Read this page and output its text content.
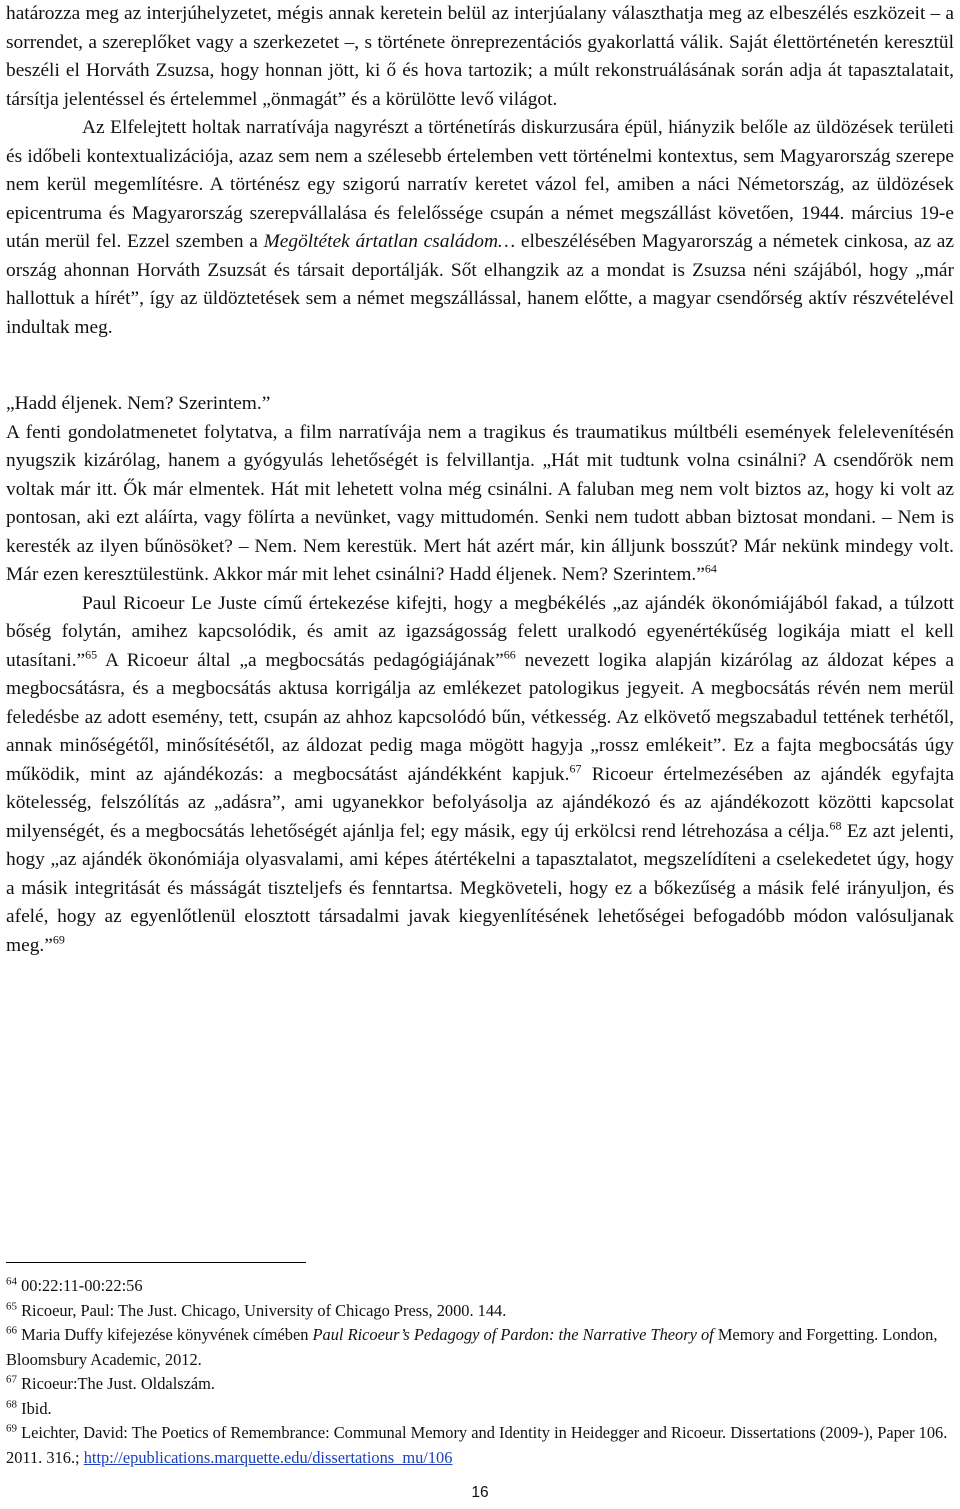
határozza meg az interjúhelyzetet, mégis annak keretein belül az interjúalany választhatja meg az elbeszélés eszközeit – a sorrendet, a szereplőket vagy a szerkezetet –, s története önreprezentációs gyakorlattá válik. Saját élettörténetén keresztül beszéli el Horváth Zsuzsa, hogy honnan jött, ki ő és hova tartozik; a múlt rekonstruálásának során adja át tapasztalatait, társítja jelentéssel és értelemmel „önmagát” és a körülötte levő világot.

Az Elfelejtett holtak narratívája nagyrészt a történetírás diskurzusára épül, hiányzik belőle az üldözések területi és időbeli kontextualizációja, azaz sem nem a szélesebb értelemben vett történelmi kontextus, sem Magyarország szerepe nem kerül megemlítésre. A történész egy szigorú narratív keretet vázol fel, amiben a náci Németország, az üldözések epicentruma és Magyarország szerepvállalása és felelőssége csupán a német megszállást követően, 1944. március 19-e után merül fel. Ezzel szemben a Megöltétek ártatlan családom… elbeszélésében Magyarország a németek cinkosa, az az ország ahonnan Horváth Zsuzsát és társait deportálják. Sőt elhangzik az a mondat is Zsuzsa néni szájából, hogy „már hallottuk a hírét”, így az üldöztetések sem a német megszállással, hanem előtte, a magyar csendőrség aktív részvételével indultak meg.

„Hadd éljenek. Nem? Szerintem.”

A fenti gondolatmenetet folytatva, a film narratívája nem a tragikus és traumatikus múltbéli események felelevenítésén nyugszik kizárólag, hanem a gyógyulás lehetőségét is felvillantja. „Hát mit tudtunk volna csinálni? A csendőrök nem voltak már itt. Ők már elmentek. Hát mit lehetett volna még csinálni. A faluban meg nem volt biztos az, hogy ki volt az pontosan, aki ezt aláírta, vagy fölírta a nevünket, vagy mittudomén. Senki nem tudott abban biztosat mondani. – Nem is keresték az ilyen bűnösöket? – Nem. Nem kerestük. Mert hát azért már, kin álljunk bosszút? Már nekünk mindegy volt. Már ezen keresztülestünk. Akkor már mit lehet csinálni? Hadd éljenek. Nem? Szerintem.”$^{64}$

Paul Ricoeur Le Juste című értekezése kifejti, hogy a megbékélés „az ajándék ökonómiájából fakad, a túlzott bőség folytán, amihez kapcsolódik, és amit az igazságosság felett uralkodó egyenértékűség logikája miatt el kell utasítani.”$^{65}$ A Ricoeur által „a megbocsátás pedagógiájának”$^{66}$ nevezett logika alapján kizárólag az áldozat képes a megbocsátásra, és a megbocsátás aktusa korrigálja az emlékezet patologikus jegyeit. A megbocsátás révén nem merül feledésbe az adott esemény, tett, csupán az ahhoz kapcsolódó bűn, vétkesség. Az elkövető megszabadul tettének terhétől, annak minőségétől, minősítésétől, az áldozat pedig maga mögött hagyja „rossz emlékeit”. Ez a fajta megbocsátás úgy működik, mint az ajándékozás: a megbocsátást ajándékként kapjuk.$^{67}$ Ricoeur értelmezésében az ajándék egyfajta kötelesség, felszólítás az „adásra”, ami ugyanekkor befolyásolja az ajándékozó és az ajándékozott közötti kapcsolat milyenségét, és a megbocsátás lehetőségét ajánlja fel; egy másik, egy új erkölcsi rend létrehozása a célja.$^{68}$ Ez azt jelenti, hogy „az ajándék ökonómiája olyasvalami, ami képes átértékelni a tapasztalatot, megszelídíteni a cselekedetet úgy, hogy a másik integritását és másságát tiszteljefs és fenntartsa. Megköveteli, hogy ez a bőkezűség a másik felé irányuljon, és afelé, hogy az egyenlőtlenül elosztott társadalmi javak kiegyenlítésének lehetőségei befogadóbb módon valósuljanak meg.”$^{69}$

$^{64}$ 00:22:11-00:22:56

$^{65}$ Ricoeur, Paul: The Just. Chicago, University of Chicago Press, 2000. 144.

$^{66}$ Maria Duffy kifejezése könyvének címében Paul Ricoeur’s Pedagogy of Pardon: the Narrative Theory of Memory and Forgetting. London, Bloomsbury Academic, 2012.

$^{67}$ Ricoeur:The Just. Oldalszám.

$^{68}$ Ibid.

$^{69}$ Leichter, David: The Poetics of Remembrance: Communal Memory and Identity in Heidegger and Ricoeur. Dissertations (2009-), Paper 106. 2011. 316.; http://epublications.marquette.edu/dissertations_mu/106

16
